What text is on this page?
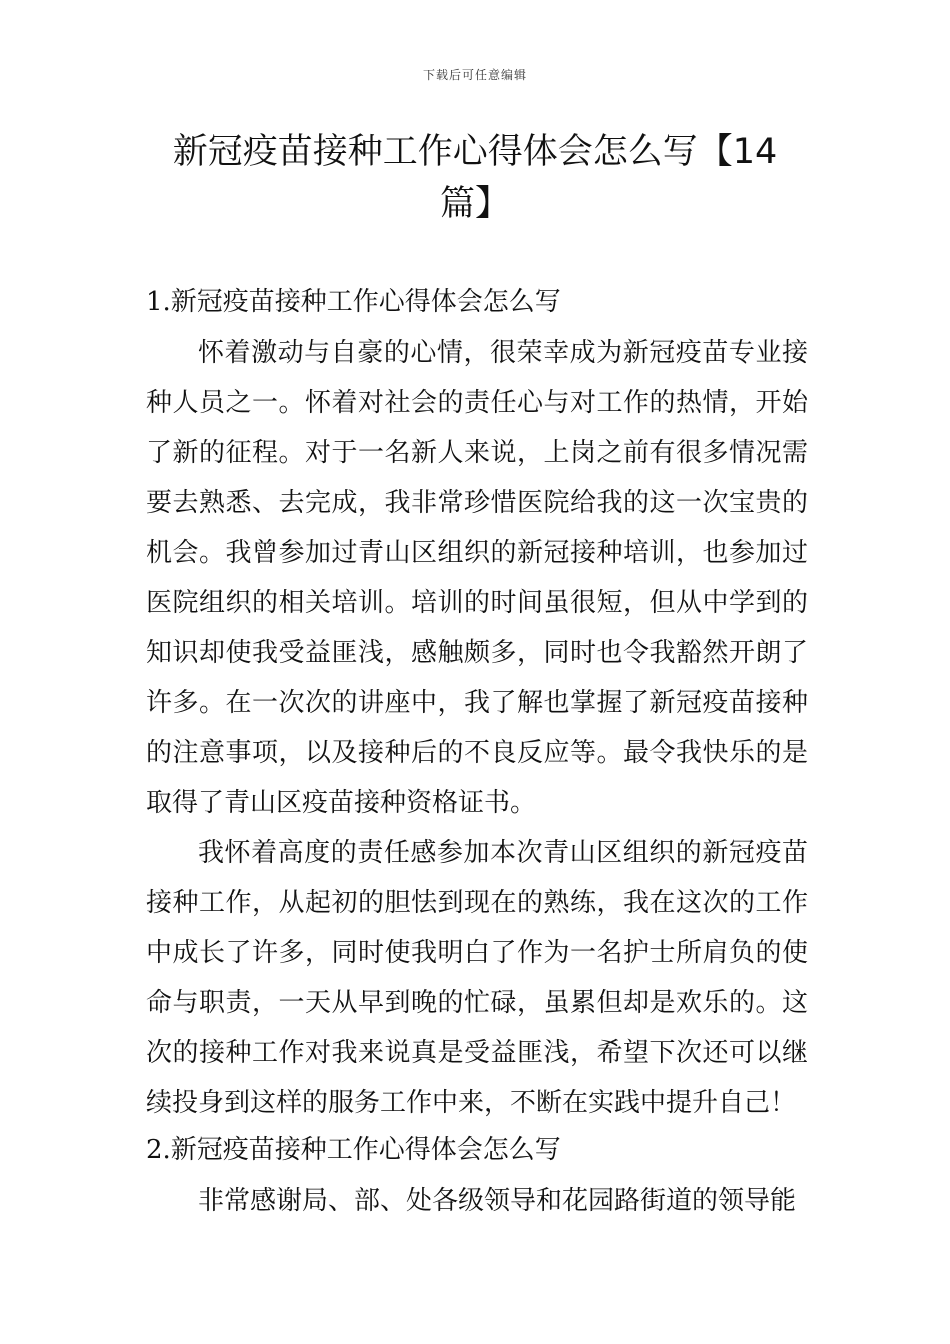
下载后可任意编辑
新冠疫苗接种工作心得体会怎么写【14篇】
1.新冠疫苗接种工作心得体会怎么写

怀着激动与自豪的心情，很荣幸成为新冠疫苗专业接种人员之一。怀着对社会的责任心与对工作的热情，开始了新的征程。对于一名新人来说，上岗之前有很多情况需要去熟悉、去完成，我非常珍惜医院给我的这一次宝贵的机会。我曾参加过青山区组织的新冠接种培训，也参加过医院组织的相关培训。培训的时间虽很短，但从中学到的知识却使我受益匪浅，感触颇多，同时也令我豁然开朗了许多。在一次次的讲座中，我了解也掌握了新冠疫苗接种的注意事项，以及接种后的不良反应等。最令我快乐的是取得了青山区疫苗接种资格证书。

我怀着高度的责任感参加本次青山区组织的新冠疫苗接种工作，从起初的胆怯到现在的熟练，我在这次的工作中成长了许多，同时使我明白了作为一名护士所肩负的使命与职责，一天从早到晚的忙碌，虽累但却是欢乐的。这次的接种工作对我来说真是受益匪浅，希望下次还可以继续投身到这样的服务工作中来，不断在实践中提升自己！

2.新冠疫苗接种工作心得体会怎么写

非常感谢局、部、处各级领导和花园路街道的领导能
